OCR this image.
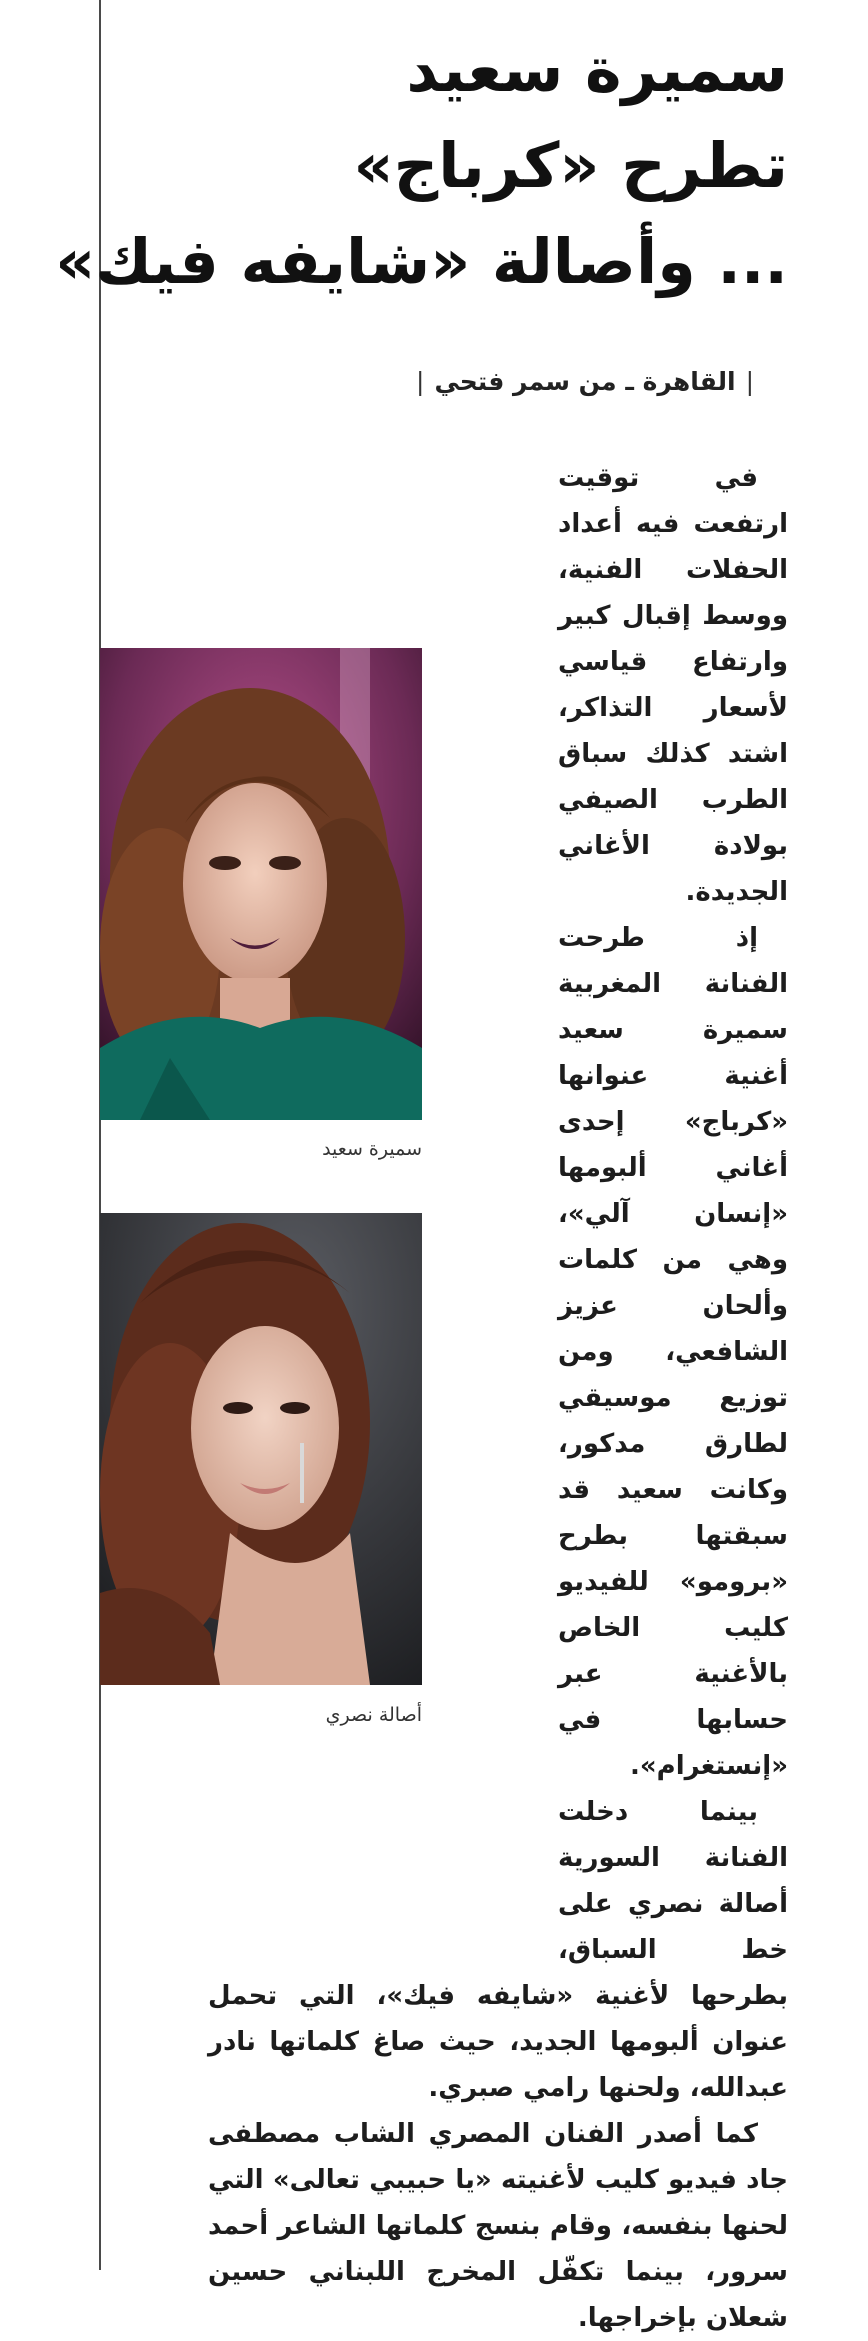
سميرة سعيد
تطرح «كرباج»
... وأصالة «شايفه فيك»
|القاهرة ـ من سمر فتحي|

في توقيت ارتفعت فيه أعداد الحفلات الفنية، ووسط إقبال كبير وارتفاع قياسي لأسعار التذاكر، اشتد كذلك سباق الطرب الصيفي بولادة الأغاني الجديدة.

إذ طرحت الفنانة المغربية سميرة سعيد أغنية عنوانها «كرباج» إحدى أغاني ألبومها «إنسان آلي»، وهي من كلمات وألحان عزيز الشافعي، ومن توزيع موسيقي لطارق مدكور، وكانت سعيد قد سبقتها بطرح «برومو» للفيديو كليب الخاص بالأغنية عبر حسابها في «إنستغرام».

بينما دخلت الفنانة السورية أصالة نصري على خط السباق، بطرحها لأغنية «شايفه فيك»، التي تحمل عنوان ألبومها الجديد، حيث صاغ كلماتها نادر عبدالله، ولحنها رامي صبري.

كما أصدر الفنان المصري الشاب مصطفى جاد فيديو كليب لأغنيته «يا حبيبي تعالى» التي لحنها بنفسه، وقام بنسج كلماتها الشاعر أحمد سرور، بينما تكفّل المخرج اللبناني حسين شعلان بإخراجها.

سميرة سعيد
أصالة نصري
